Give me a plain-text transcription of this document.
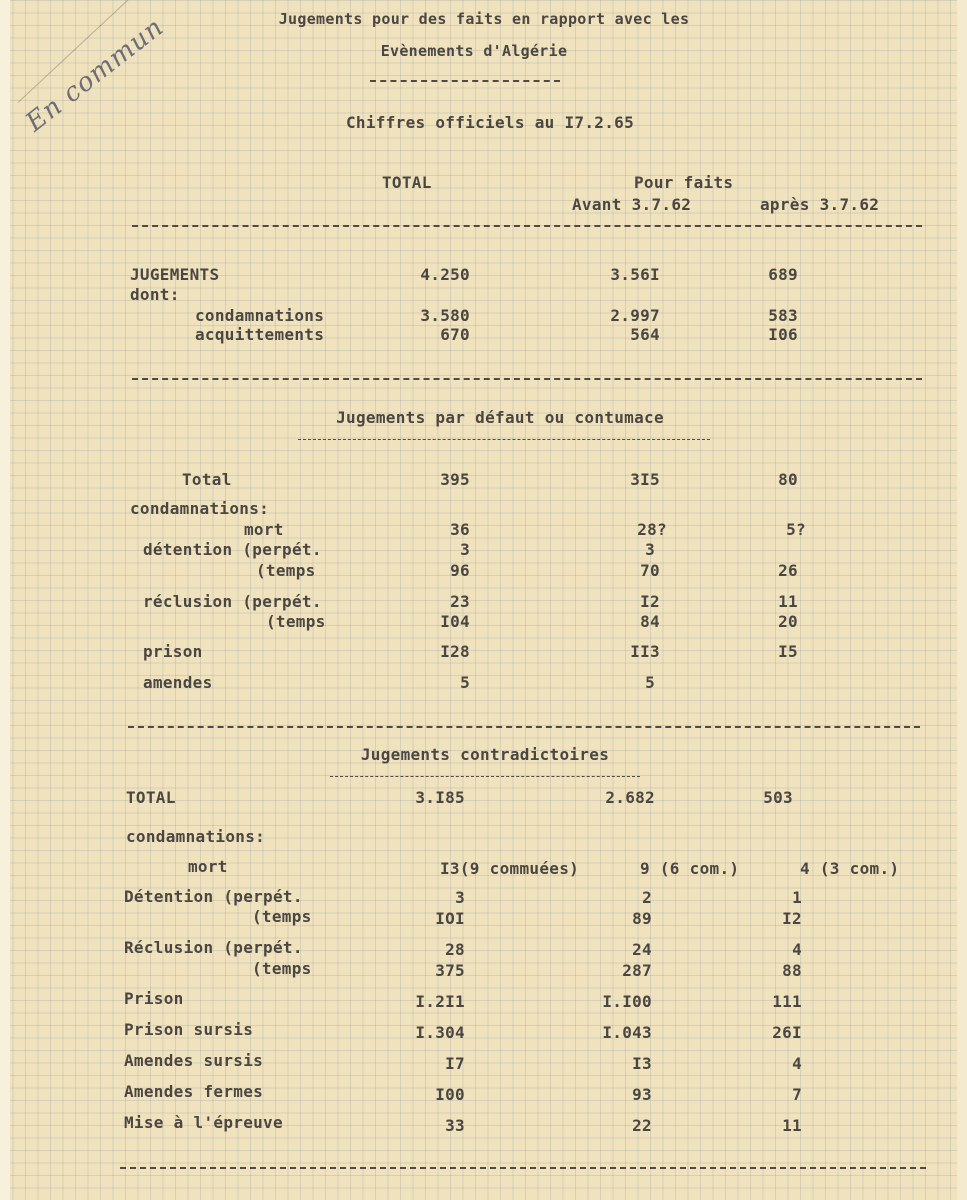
En commun	Jugements pour des faits en rapport avec les
Evènements d'Algérie
Chiffres officiels au I7.2.65
TOTAL	Pour faits
Avant 3.7.62	après 3.7.62
JUGEMENTS	4.250	3.56I	689
dont:
condamnations	3.580	2.997	583
acquittements	670	564	I06
Jugements par défaut ou contumace
Total	395	3I5	80
condamnations:
mort	36	28?	5?
détention (perpét.	3	3
(temps	96	70	26
réclusion (perpét.	23	I2	11
(temps	I04	84	20
prison	I28	II3	I5
amendes	5	5
Jugements contradictoires
TOTAL	3.I85	2.682	503
condamnations:
mort	I3(9 commuées)	9 (6 com.)	4 (3 com.)
Détention (perpét.	3	2	1
(temps	IOI	89	I2
Réclusion (perpét.	28	24	4
(temps	375	287	88
Prison	I.2I1	I.I00	111
Prison sursis	I.304	I.043	26I
Amendes sursis	I7	I3	4
Amendes fermes	I00	93	7
Mise à l'épreuve	33	22	11
